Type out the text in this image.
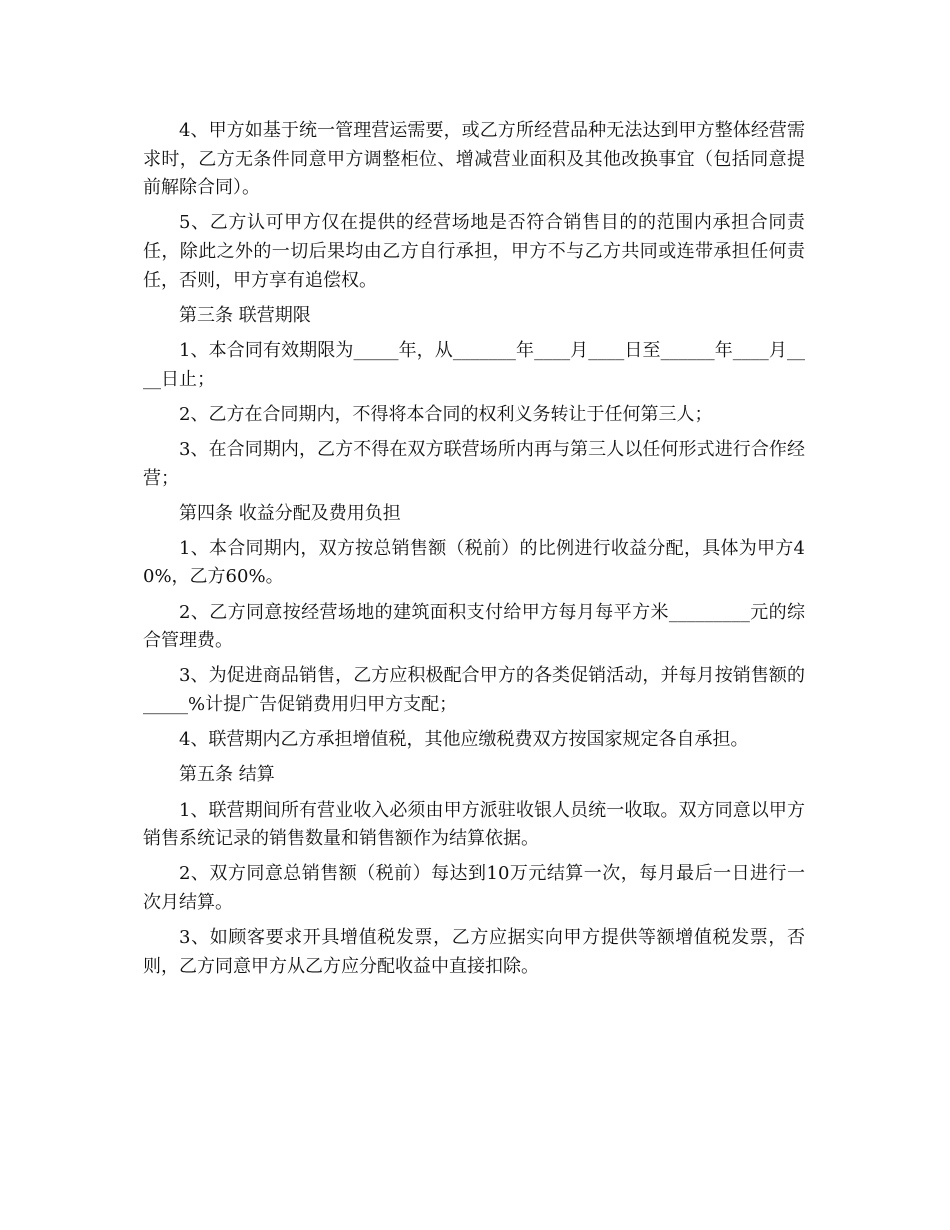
4、甲方如基于统一管理营运需要，或乙方所经营品种无法达到甲方整体经营需求时，乙方无条件同意甲方调整柜位、增减营业面积及其他改换事宜（包括同意提前解除合同）。

5、乙方认可甲方仅在提供的经营场地是否符合销售目的的范围内承担合同责任，除此之外的一切后果均由乙方自行承担，甲方不与乙方共同或连带承担任何责任，否则，甲方享有追偿权。

第三条 联营期限

1、本合同有效期限为_____年，从_______年____月____日至______年____月____日止；

2、乙方在合同期内，不得将本合同的权利义务转让于任何第三人；

3、在合同期内，乙方不得在双方联营场所内再与第三人以任何形式进行合作经营；

第四条 收益分配及费用负担

1、本合同期内，双方按总销售额（税前）的比例进行收益分配，具体为甲方40%，乙方60%。

2、乙方同意按经营场地的建筑面积支付给甲方每月每平方米_________元的综合管理费。

3、为促进商品销售，乙方应积极配合甲方的各类促销活动，并每月按销售额的_____%计提广告促销费用归甲方支配；

4、联营期内乙方承担增值税，其他应缴税费双方按国家规定各自承担。

第五条 结算

1、联营期间所有营业收入必须由甲方派驻收银人员统一收取。双方同意以甲方销售系统记录的销售数量和销售额作为结算依据。

2、双方同意总销售额（税前）每达到10万元结算一次，每月最后一日进行一次月结算。

3、如顾客要求开具增值税发票，乙方应据实向甲方提供等额增值税发票，否则，乙方同意甲方从乙方应分配收益中直接扣除。
